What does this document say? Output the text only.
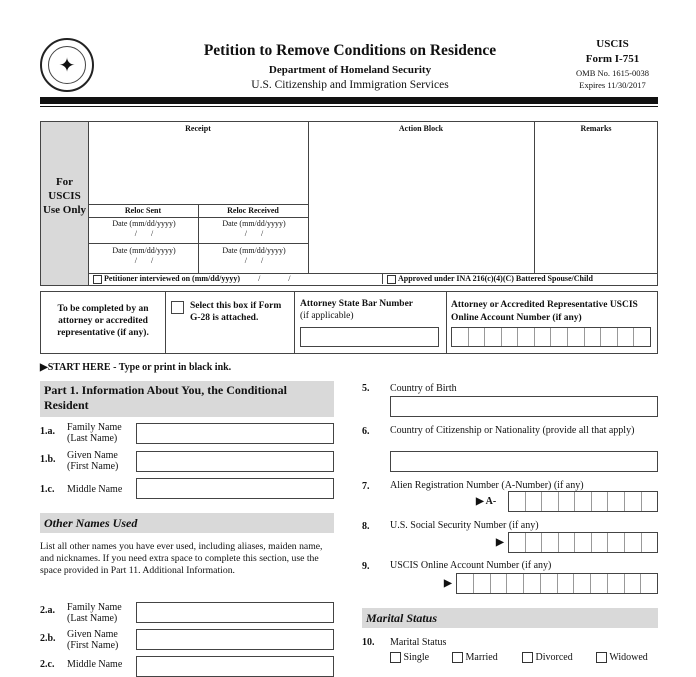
✦
Petition to Remove Conditions on Residence
Department of Homeland Security
U.S. Citizenship and Immigration Services
USCIS
Form I-751
OMB No. 1615-0038
Expires 11/30/2017
For USCIS Use Only
Receipt	Action Block	Remarks
Reloc Sent	Reloc Received
Date (mm/dd/yyyy)
/ /
Date (mm/dd/yyyy)
/ /
Date (mm/dd/yyyy)
/ /
Date (mm/dd/yyyy)
/ /
Petitioner interviewed on (mm/dd/yyyy) / /	Approved under INA 216(c)(4)(C) Battered Spouse/Child
To be completed by an attorney or accredited representative (if any).
Select this box if Form G-28 is attached.
Attorney State Bar Number
(if applicable)
Attorney or Accredited Representative USCIS Online Account Number (if any)
▶START HERE - Type or print in black ink.
Part 1. Information About You, the Conditional Resident
1.a. Family Name (Last Name)
1.b. Given Name (First Name)
1.c. Middle Name
Other Names Used
List all other names you have ever used, including aliases, maiden name, and nicknames. If you need extra space to complete this section, use the space provided in Part 11. Additional Information.
2.a. Family Name (Last Name)
2.b. Given Name (First Name)
2.c. Middle Name
5. Country of Birth
6. Country of Citizenship or Nationality (provide all that apply)
7. Alien Registration Number (A-Number) (if any)
▶ A-
8. U.S. Social Security Number (if any)
▶
9. USCIS Online Account Number (if any)
▶
Marital Status
10. Marital Status
Single	Married	Divorced	Widowed
